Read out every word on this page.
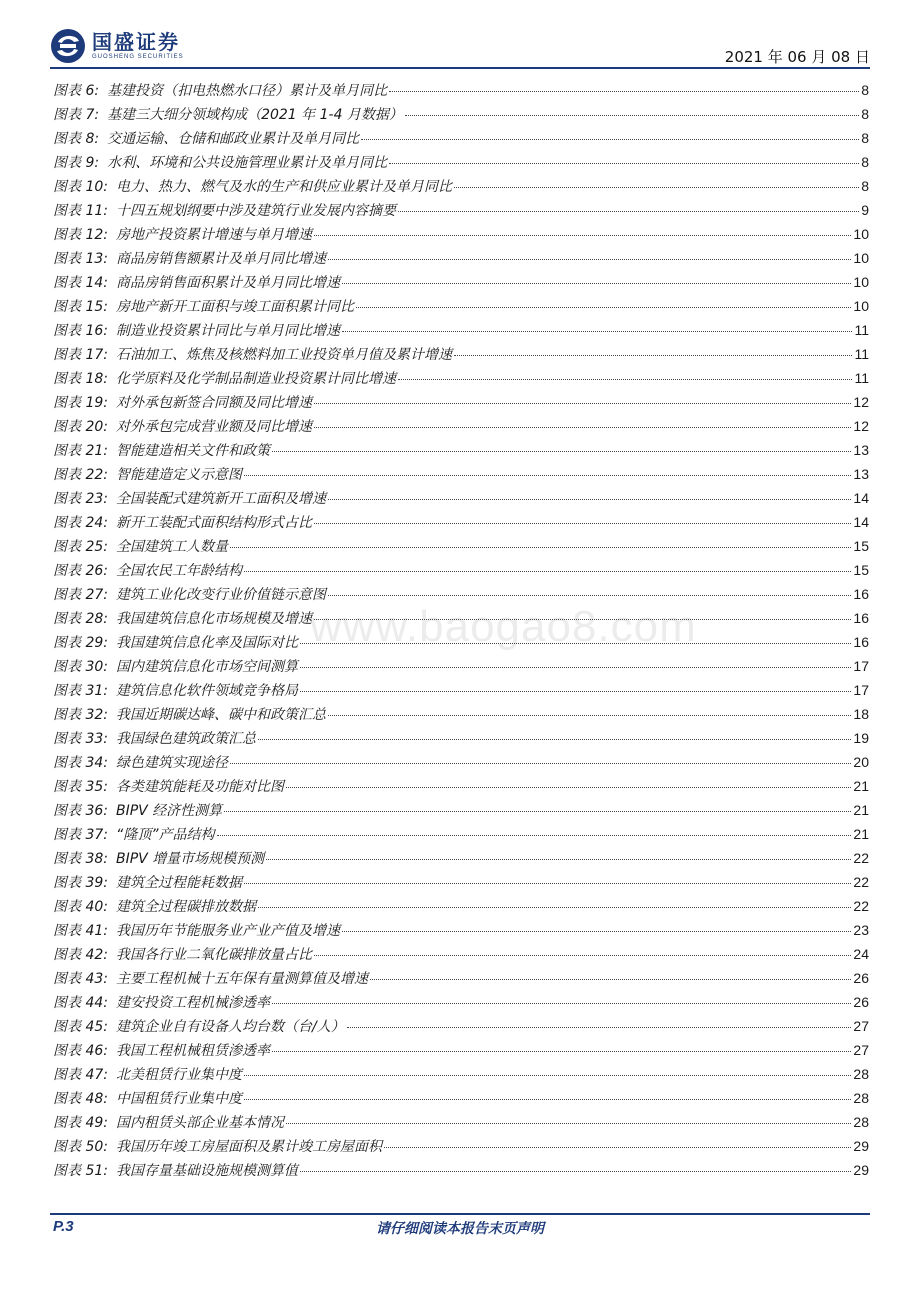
国盛证券
GUOSHENG SECURITIES	2021 年 06 月 08 日
www.baogao8.com
图表 6: 基建投资（扣电热燃水口径）累计及单月同比	8
图表 7: 基建三大细分领域构成（2021 年 1-4 月数据）	8
图表 8: 交通运输、仓储和邮政业累计及单月同比	8
图表 9: 水利、环境和公共设施管理业累计及单月同比	8
图表 10: 电力、热力、燃气及水的生产和供应业累计及单月同比	8
图表 11: 十四五规划纲要中涉及建筑行业发展内容摘要	9
图表 12: 房地产投资累计增速与单月增速	10
图表 13: 商品房销售额累计及单月同比增速	10
图表 14: 商品房销售面积累计及单月同比增速	10
图表 15: 房地产新开工面积与竣工面积累计同比	10
图表 16: 制造业投资累计同比与单月同比增速	11
图表 17: 石油加工、炼焦及核燃料加工业投资单月值及累计增速	11
图表 18: 化学原料及化学制品制造业投资累计同比增速	11
图表 19: 对外承包新签合同额及同比增速	12
图表 20: 对外承包完成营业额及同比增速	12
图表 21: 智能建造相关文件和政策	13
图表 22: 智能建造定义示意图	13
图表 23: 全国装配式建筑新开工面积及增速	14
图表 24: 新开工装配式面积结构形式占比	14
图表 25: 全国建筑工人数量	15
图表 26: 全国农民工年龄结构	15
图表 27: 建筑工业化改变行业价值链示意图	16
图表 28: 我国建筑信息化市场规模及增速	16
图表 29: 我国建筑信息化率及国际对比	16
图表 30: 国内建筑信息化市场空间测算	17
图表 31: 建筑信息化软件领域竞争格局	17
图表 32: 我国近期碳达峰、碳中和政策汇总	18
图表 33: 我国绿色建筑政策汇总	19
图表 34: 绿色建筑实现途径	20
图表 35: 各类建筑能耗及功能对比图	21
图表 36: BIPV 经济性测算	21
图表 37: “隆顶”产品结构	21
图表 38: BIPV 增量市场规模预测	22
图表 39: 建筑全过程能耗数据	22
图表 40: 建筑全过程碳排放数据	22
图表 41: 我国历年节能服务业产业产值及增速	23
图表 42: 我国各行业二氧化碳排放量占比	24
图表 43: 主要工程机械十五年保有量测算值及增速	26
图表 44: 建安投资工程机械渗透率	26
图表 45: 建筑企业自有设备人均台数（台/人）	27
图表 46: 我国工程机械租赁渗透率	27
图表 47: 北美租赁行业集中度	28
图表 48: 中国租赁行业集中度	28
图表 49: 国内租赁头部企业基本情况	28
图表 50: 我国历年竣工房屋面积及累计竣工房屋面积	29
图表 51: 我国存量基础设施规模测算值	29
P.3	请仔细阅读本报告末页声明
